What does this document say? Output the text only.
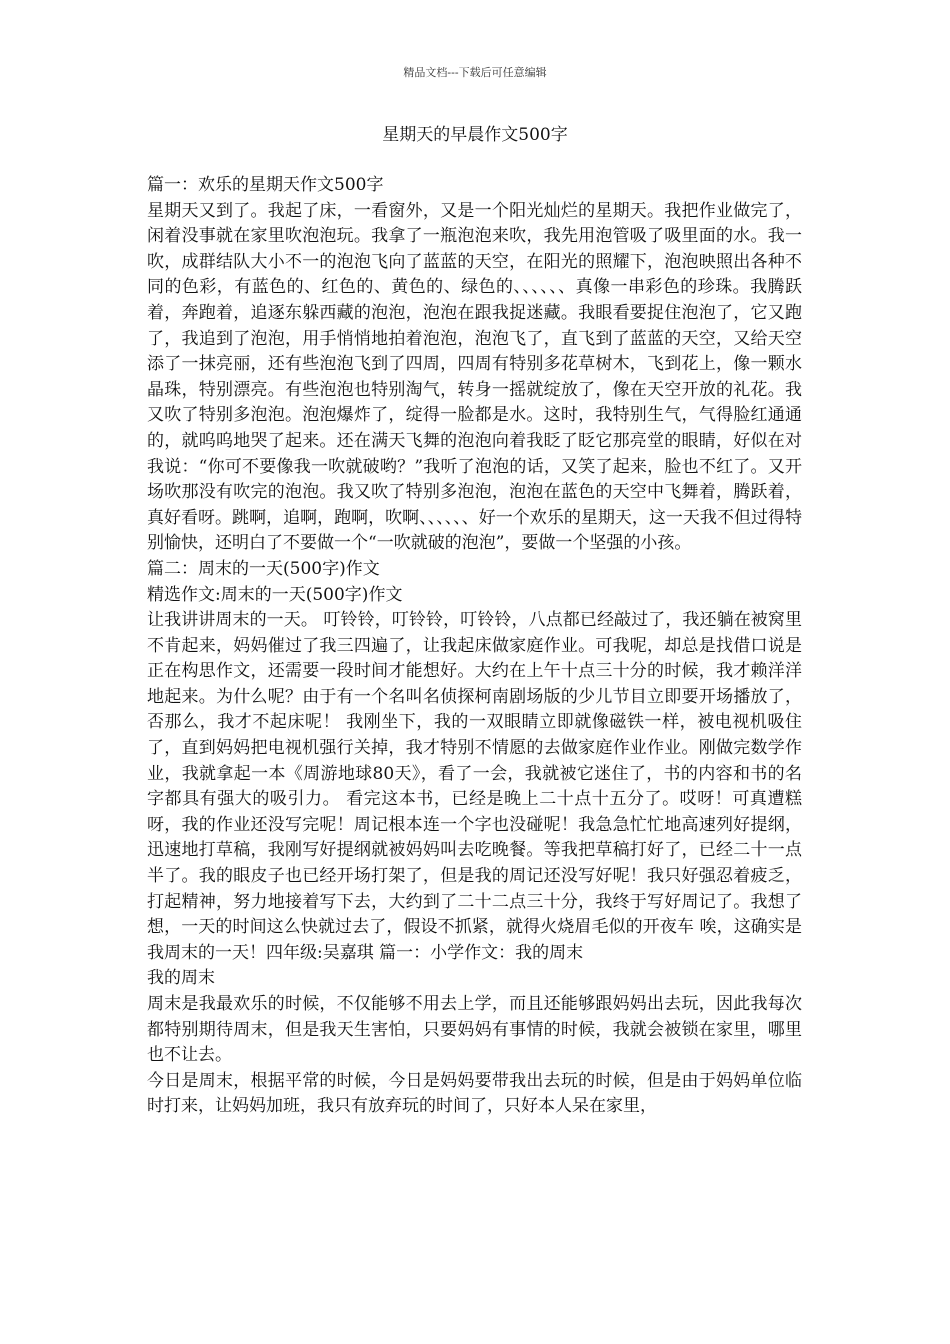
精品文档---下载后可任意编辑
星期天的早晨作文500字

篇一：欢乐的星期天作文500字

星期天又到了。我起了床，一看窗外，又是一个阳光灿烂的星期天。我把作业做完了，闲着没事就在家里吹泡泡玩。我拿了一瓶泡泡来吹，我先用泡管吸了吸里面的水。我一吹，成群结队大小不一的泡泡飞向了蓝蓝的天空，在阳光的照耀下，泡泡映照出各种不同的色彩，有蓝色的、红色的、黄色的、绿色的、、、、、、真像一串彩色的珍珠。我腾跃着，奔跑着，追逐东躲西藏的泡泡，泡泡在跟我捉迷藏。我眼看要捉住泡泡了，它又跑了，我追到了泡泡，用手悄悄地拍着泡泡，泡泡飞了，直飞到了蓝蓝的天空，又给天空添了一抹亮丽，还有些泡泡飞到了四周，四周有特别多花草树木，飞到花上，像一颗水晶珠，特别漂亮。有些泡泡也特别淘气，转身一摇就绽放了，像在天空开放的礼花。我又吹了特别多泡泡。泡泡爆炸了，绽得一脸都是水。这时，我特别生气，气得脸红通通的，就呜呜地哭了起来。还在满天飞舞的泡泡向着我眨了眨它那亮堂的眼睛，好似在对我说：“你可不要像我一吹就破哟？”我听了泡泡的话，又笑了起来，脸也不红了。又开场吹那没有吹完的泡泡。我又吹了特别多泡泡，泡泡在蓝色的天空中飞舞着，腾跃着，真好看呀。跳啊，追啊，跑啊，吹啊、、、、、、好一个欢乐的星期天，这一天我不但过得特别愉快，还明白了不要做一个“一吹就破的泡泡”，要做一个坚强的小孩。

篇二：周末的一天(500字)作文

精选作文:周末的一天(500字)作文

让我讲讲周末的一天。 叮铃铃，叮铃铃，叮铃铃，八点都已经敲过了，我还躺在被窝里不肯起来，妈妈催过了我三四遍了，让我起床做家庭作业。可我呢，却总是找借口说是正在构思作文，还需要一段时间才能想好。大约在上午十点三十分的时候，我才赖洋洋地起来。为什么呢？由于有一个名叫名侦探柯南剧场版的少儿节目立即要开场播放了，否那么，我才不起床呢！ 我刚坐下，我的一双眼睛立即就像磁铁一样，被电视机吸住了，直到妈妈把电视机强行关掉，我才特别不情愿的去做家庭作业作业。刚做完数学作业，我就拿起一本《周游地球80天》，看了一会，我就被它迷住了，书的内容和书的名字都具有强大的吸引力。 看完这本书，已经是晚上二十点十五分了。哎呀！可真遭糕呀，我的作业还没写完呢！周记根本连一个字也没碰呢！我急急忙忙地高速列好提纲，迅速地打草稿，我刚写好提纲就被妈妈叫去吃晚餐。等我把草稿打好了，已经二十一点半了。我的眼皮子也已经开场打架了，但是我的周记还没写好呢！我只好强忍着疲乏，打起精神，努力地接着写下去，大约到了二十二点三十分，我终于写好周记了。我想了想，一天的时间这么快就过去了，假设不抓紧，就得火烧眉毛似的开夜车 唉，这确实是我周末的一天！四年级:吴嘉琪 篇一：小学作文：我的周末

我的周末

周末是我最欢乐的时候，不仅能够不用去上学，而且还能够跟妈妈出去玩，因此我每次都特别期待周末，但是我天生害怕，只要妈妈有事情的时候，我就会被锁在家里，哪里也不让去。

今日是周末，根据平常的时候，今日是妈妈要带我出去玩的时候，但是由于妈妈单位临时打来，让妈妈加班，我只有放弃玩的时间了，只好本人呆在家里，
